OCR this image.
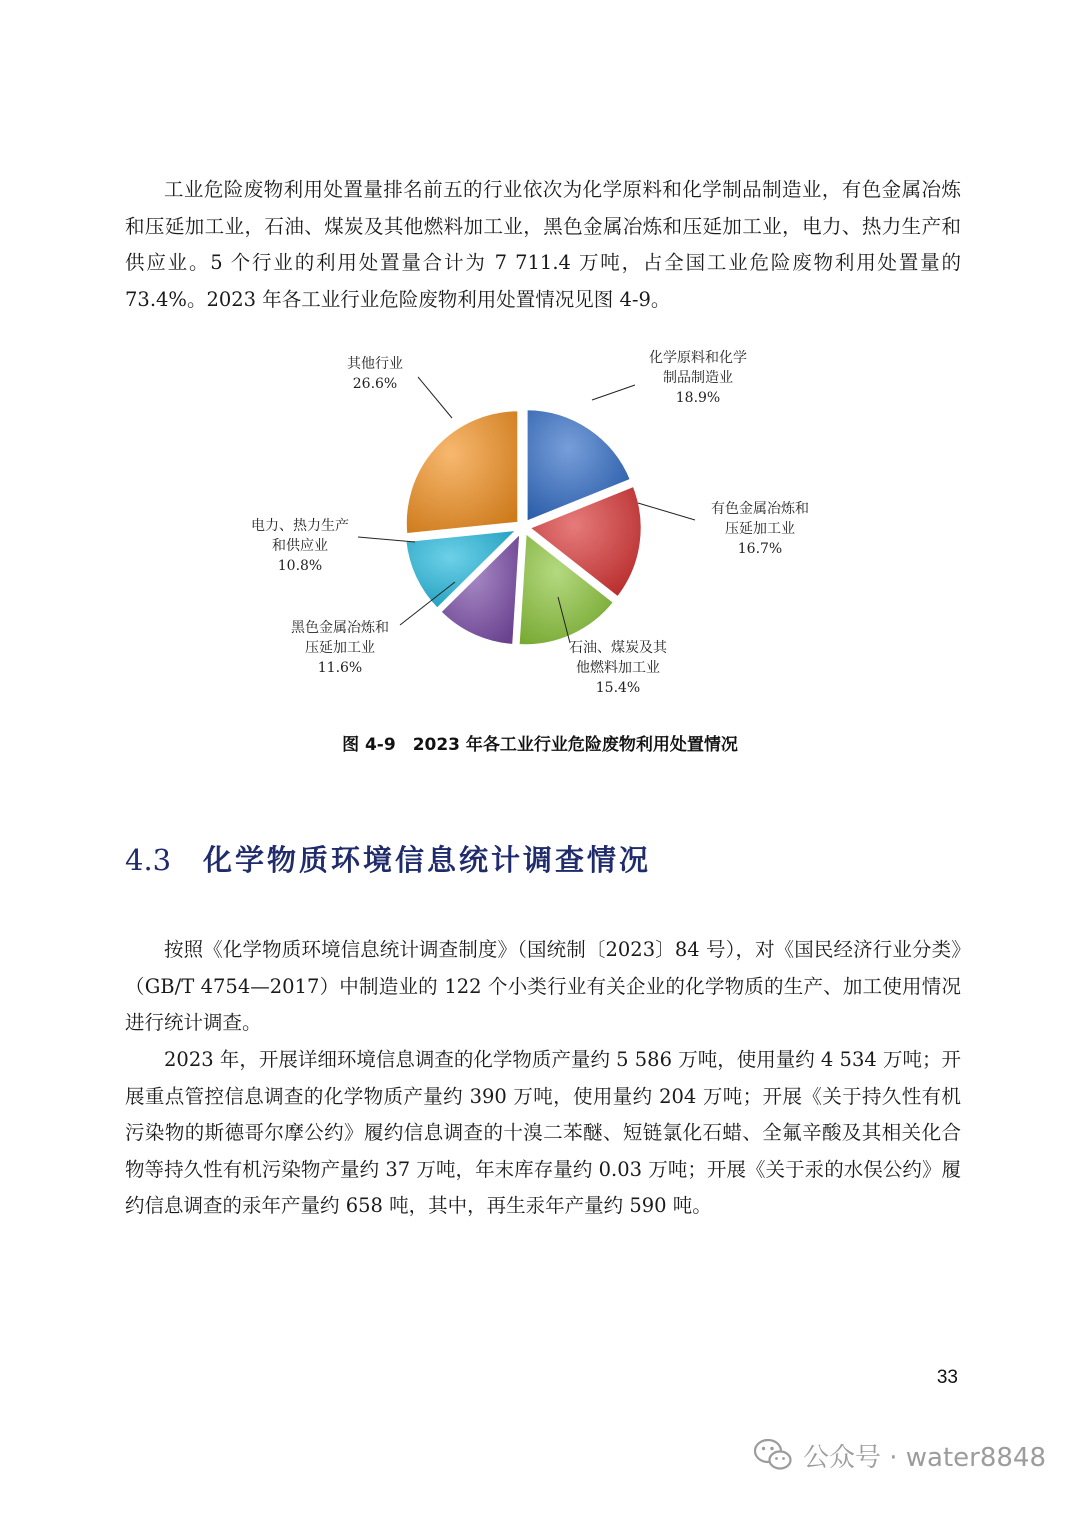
工业危险废物利用处置量排名前五的行业依次为化学原料和化学制品制造业，有色金属冶炼和压延加工业，石油、煤炭及其他燃料加工业，黑色金属冶炼和压延加工业，电力、热力生产和供应业。5 个行业的利用处置量合计为 7 711.4 万吨，占全国工业危险废物利用处置量的 73.4%。2023 年各工业行业危险废物利用处置情况见图 4-9。

化学原料和化学
制品制造业
18.9%
有色金属冶炼和
压延加工业
16.7%
石油、煤炭及其
他燃料加工业
15.4%
黑色金属冶炼和
压延加工业
11.6%
电力、热力生产
和供应业
10.8%
其他行业
26.6%

图 4-9　2023 年各工业行业危险废物利用处置情况

4.3 化学物质环境信息统计调查情况

按照《化学物质环境信息统计调查制度》（国统制〔2023〕84 号），对《国民经济行业分类》（GB/T 4754—2017）中制造业的 122 个小类行业有关企业的化学物质的生产、加工使用情况进行统计调查。

2023 年，开展详细环境信息调查的化学物质产量约 5 586 万吨，使用量约 4 534 万吨；开展重点管控信息调查的化学物质产量约 390 万吨，使用量约 204 万吨；开展《关于持久性有机污染物的斯德哥尔摩公约》履约信息调查的十溴二苯醚、短链氯化石蜡、全氟辛酸及其相关化合物等持久性有机污染物产量约 37 万吨，年末库存量约 0.03 万吨；开展《关于汞的水俣公约》履约信息调查的汞年产量约 658 吨，其中，再生汞年产量约 590 吨。

33

公众号 · water8848
